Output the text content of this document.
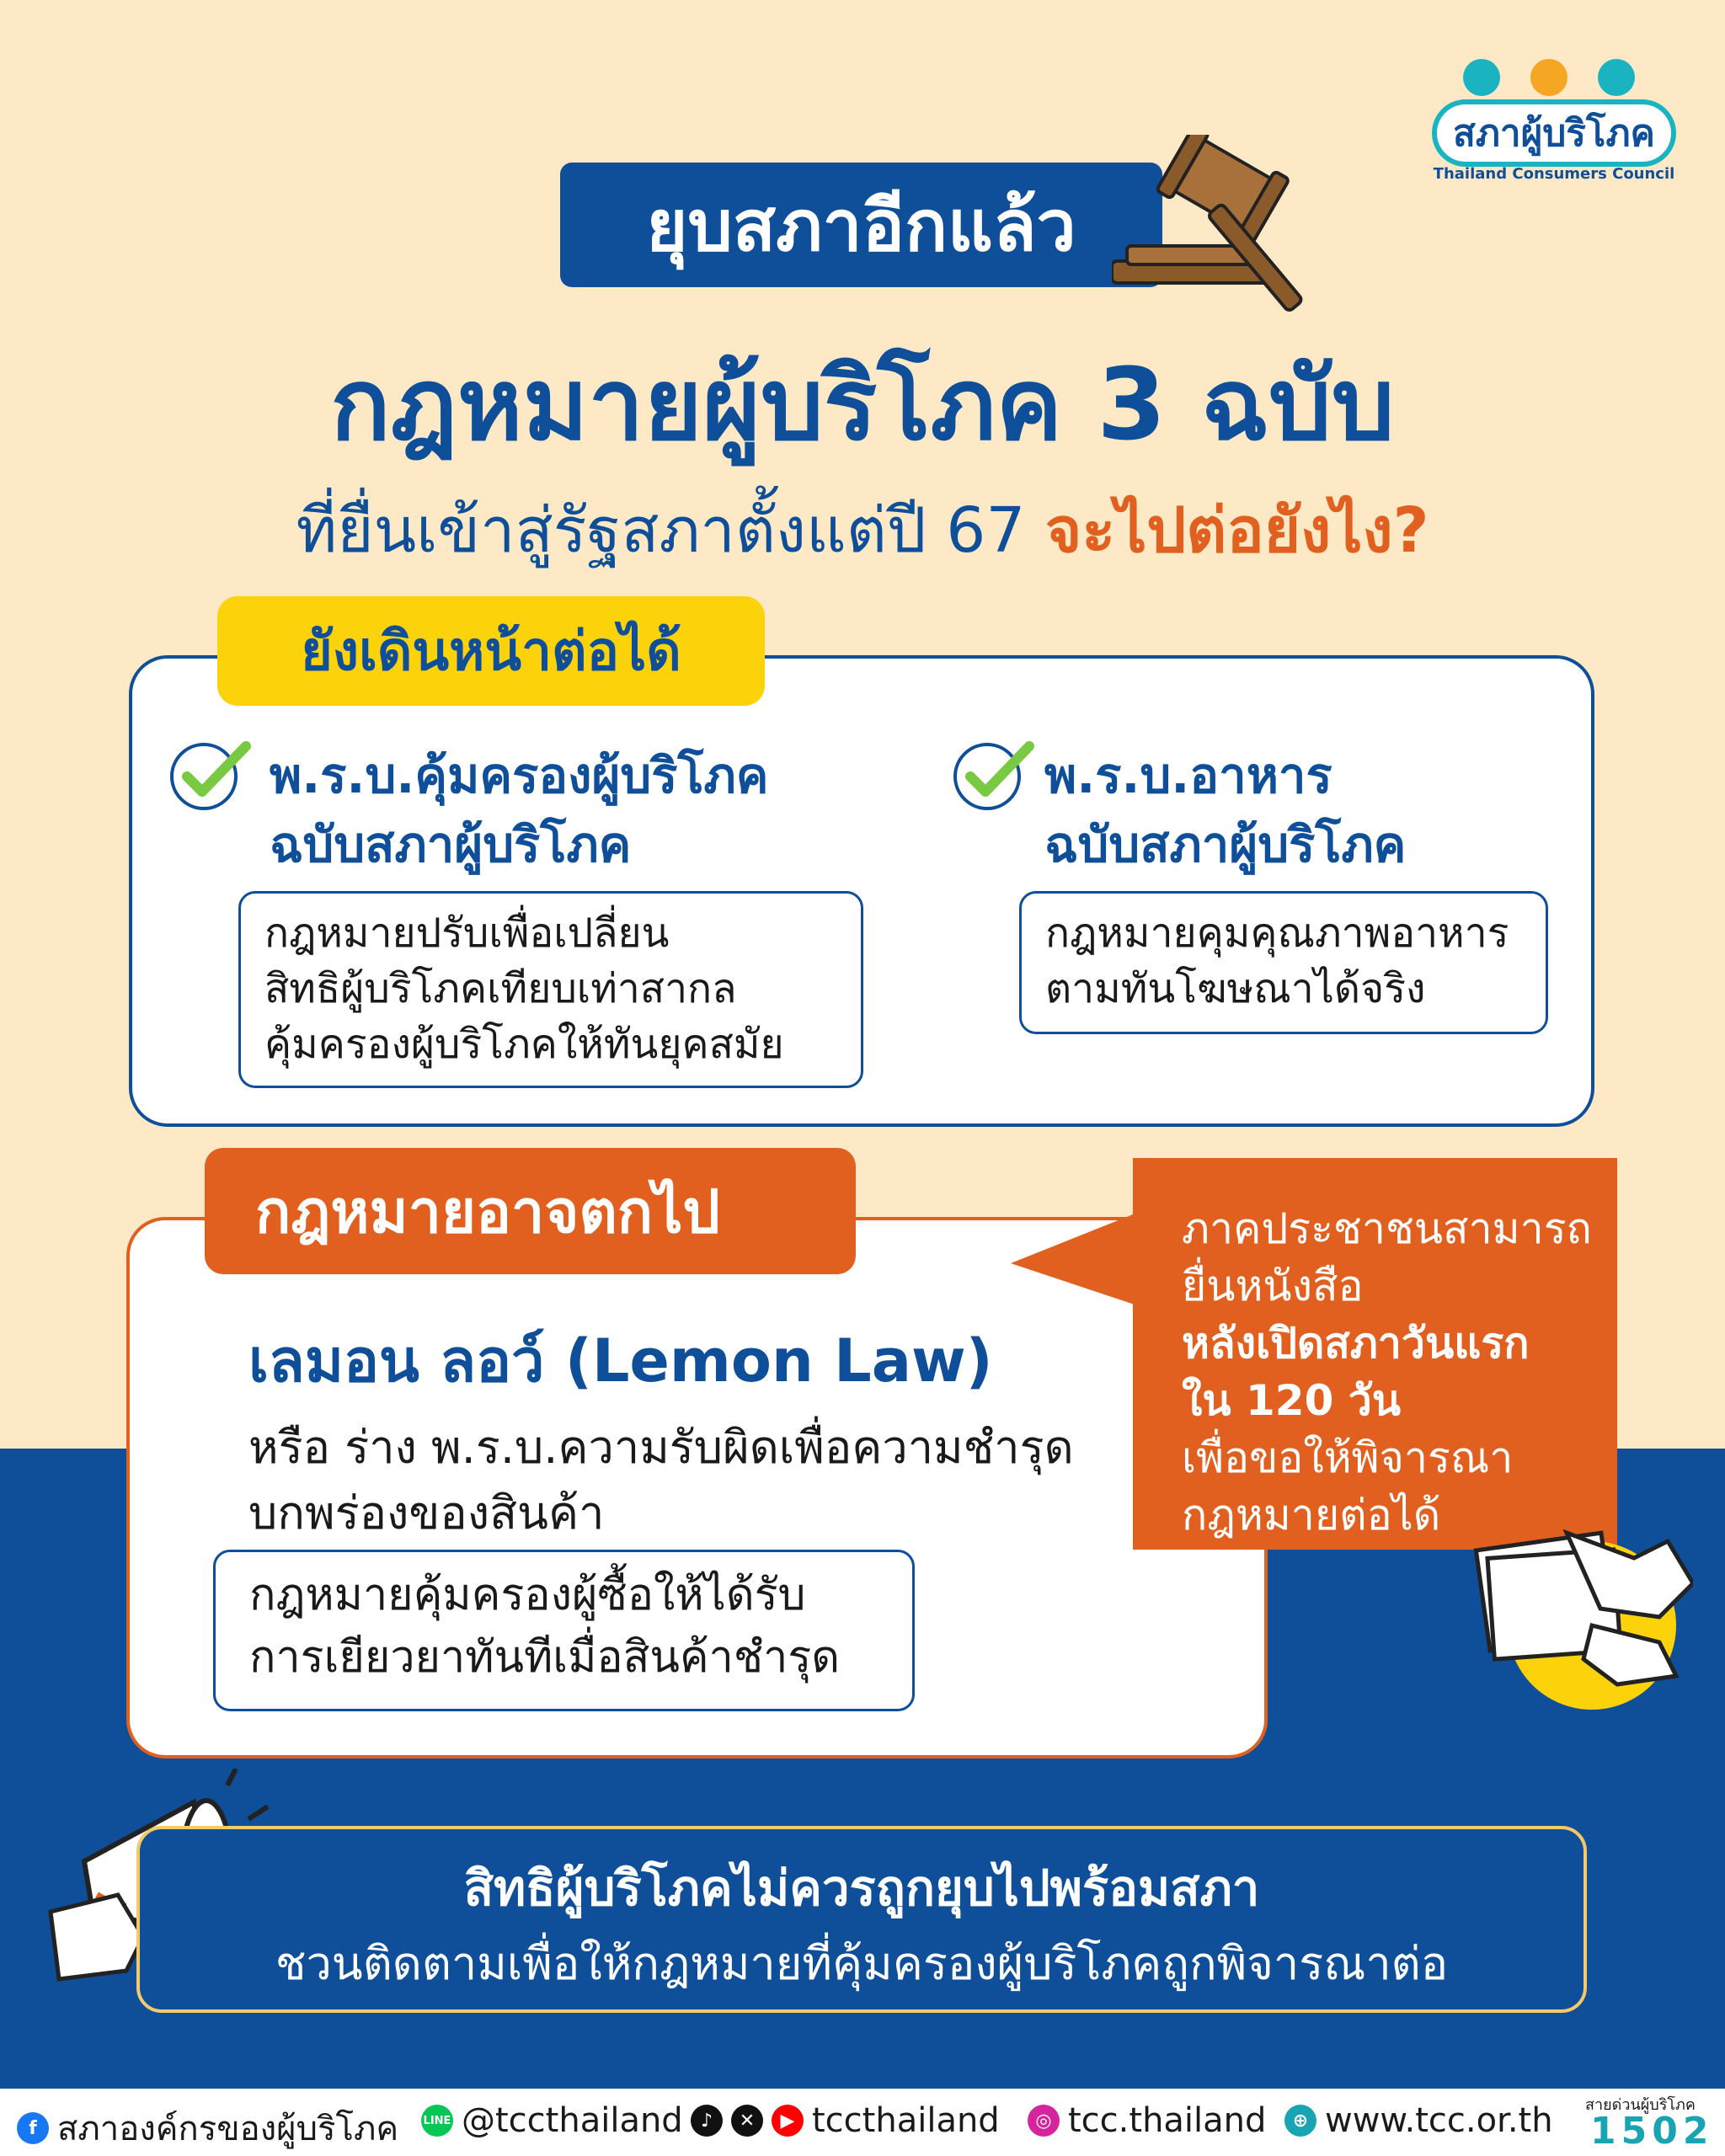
สภาผู้บริโภค
Thailand Consumers Council
ยุบสภาอีกแล้ว
กฎหมายผู้บริโภค 3 ฉบับ
ที่ยื่นเข้าสู่รัฐสภาตั้งแต่ปี 67 จะไปต่อยังไง?
ยังเดินหน้าต่อได้
พ.ร.บ.คุ้มครองผู้บริโภค
ฉบับสภาผู้บริโภค
กฎหมายปรับเพื่อเปลี่ยน
สิทธิผู้บริโภคเทียบเท่าสากล
คุ้มครองผู้บริโภคให้ทันยุคสมัย
พ.ร.บ.อาหาร
ฉบับสภาผู้บริโภค
กฎหมายคุมคุณภาพอาหาร
ตามทันโฆษณาได้จริง
กฎหมายอาจตกไป
เลมอน ลอว์ (Lemon Law)
หรือ ร่าง พ.ร.บ.ความรับผิดเพื่อความชำรุด
บกพร่องของสินค้า
กฎหมายคุ้มครองผู้ซื้อให้ได้รับ
การเยียวยาทันทีเมื่อสินค้าชำรุด
ภาคประชาชนสามารถ
ยื่นหนังสือ
หลังเปิดสภาวันแรก
ใน 120 วัน
เพื่อขอให้พิจารณา
กฎหมายต่อได้
สิทธิผู้บริโภคไม่ควรถูกยุบไปพร้อมสภา
ชวนติดตามเพื่อให้กฎหมายที่คุ้มครองผู้บริโภคถูกพิจารณาต่อ
f สภาองค์กรของผู้บริโภค LINE @tccthailand ♪	✕	▶ tccthailand	◎ tcc.thailand	⊕ www.tcc.or.th สายด่วนผู้บริโภค
1502
